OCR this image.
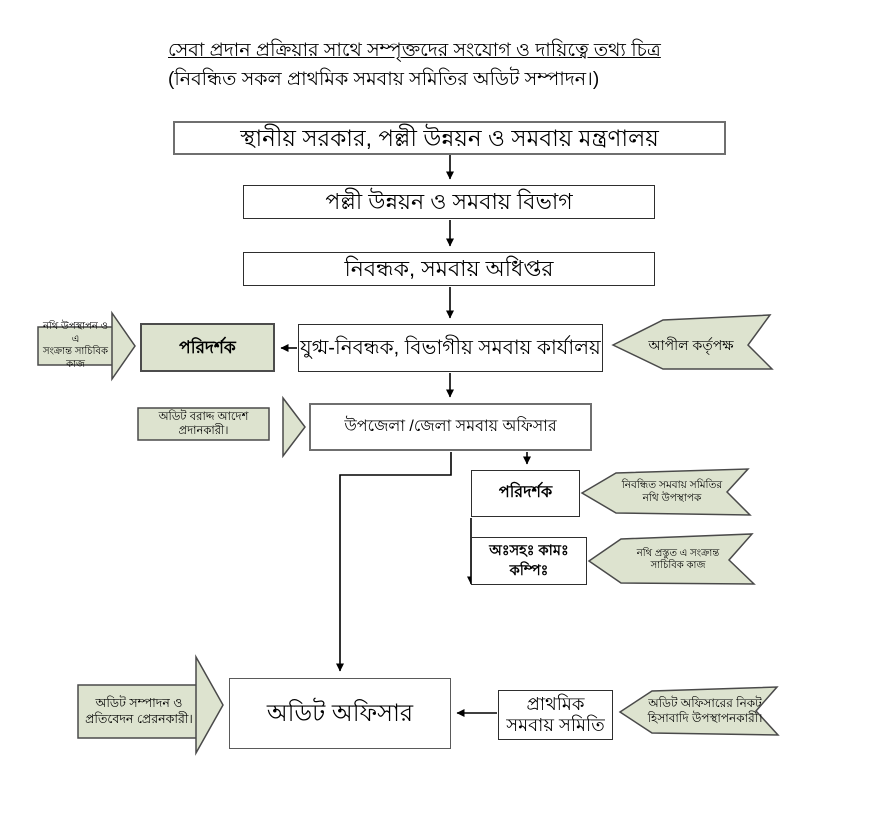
সেবা প্রদান প্রক্রিয়ার সাথে সম্পৃক্তদের সংযোগ ও দায়িত্বে তথ্য চিত্র
(নিবন্ধিত সকল প্রাথমিক সমবায় সমিতির অডিট সম্পাদন।)
স্থানীয় সরকার, পল্লী উন্নয়ন ও সমবায় মন্ত্রণালয়
পল্লী উন্নয়ন ও সমবায় বিভাগ
নিবন্ধক, সমবায় অধিপ্তর
পরিদর্শক	যুগ্ম-নিবন্ধক, বিভাগীয় সমবায় কার্যালয়
উপজেলা /জেলা সমবায় অফিসার
পরিদর্শক
অঃসহঃ কামঃ
কম্পিঃ
অডিট অফিসার	প্রাথমিক
সমবায় সমিতি
নথি উপস্থাপন ও এ
সংক্রান্ত সাচিবিক কাজ
আপীল কর্তৃপক্ষ
অডিট বরাদ্দ আদেশ প্রদানকারী।
নিবন্ধিত সমবায় সমিতির
নথি উপস্থাপক
নথি প্রস্তুত এ সংক্রান্ত
সাচিবিক কাজ
অডিট সম্পাদন ও
প্রতিবেদন প্রেরনকারী।
অডিট অফিসারের নিকট
হিসাবাদি উপস্থাপনকারী।
